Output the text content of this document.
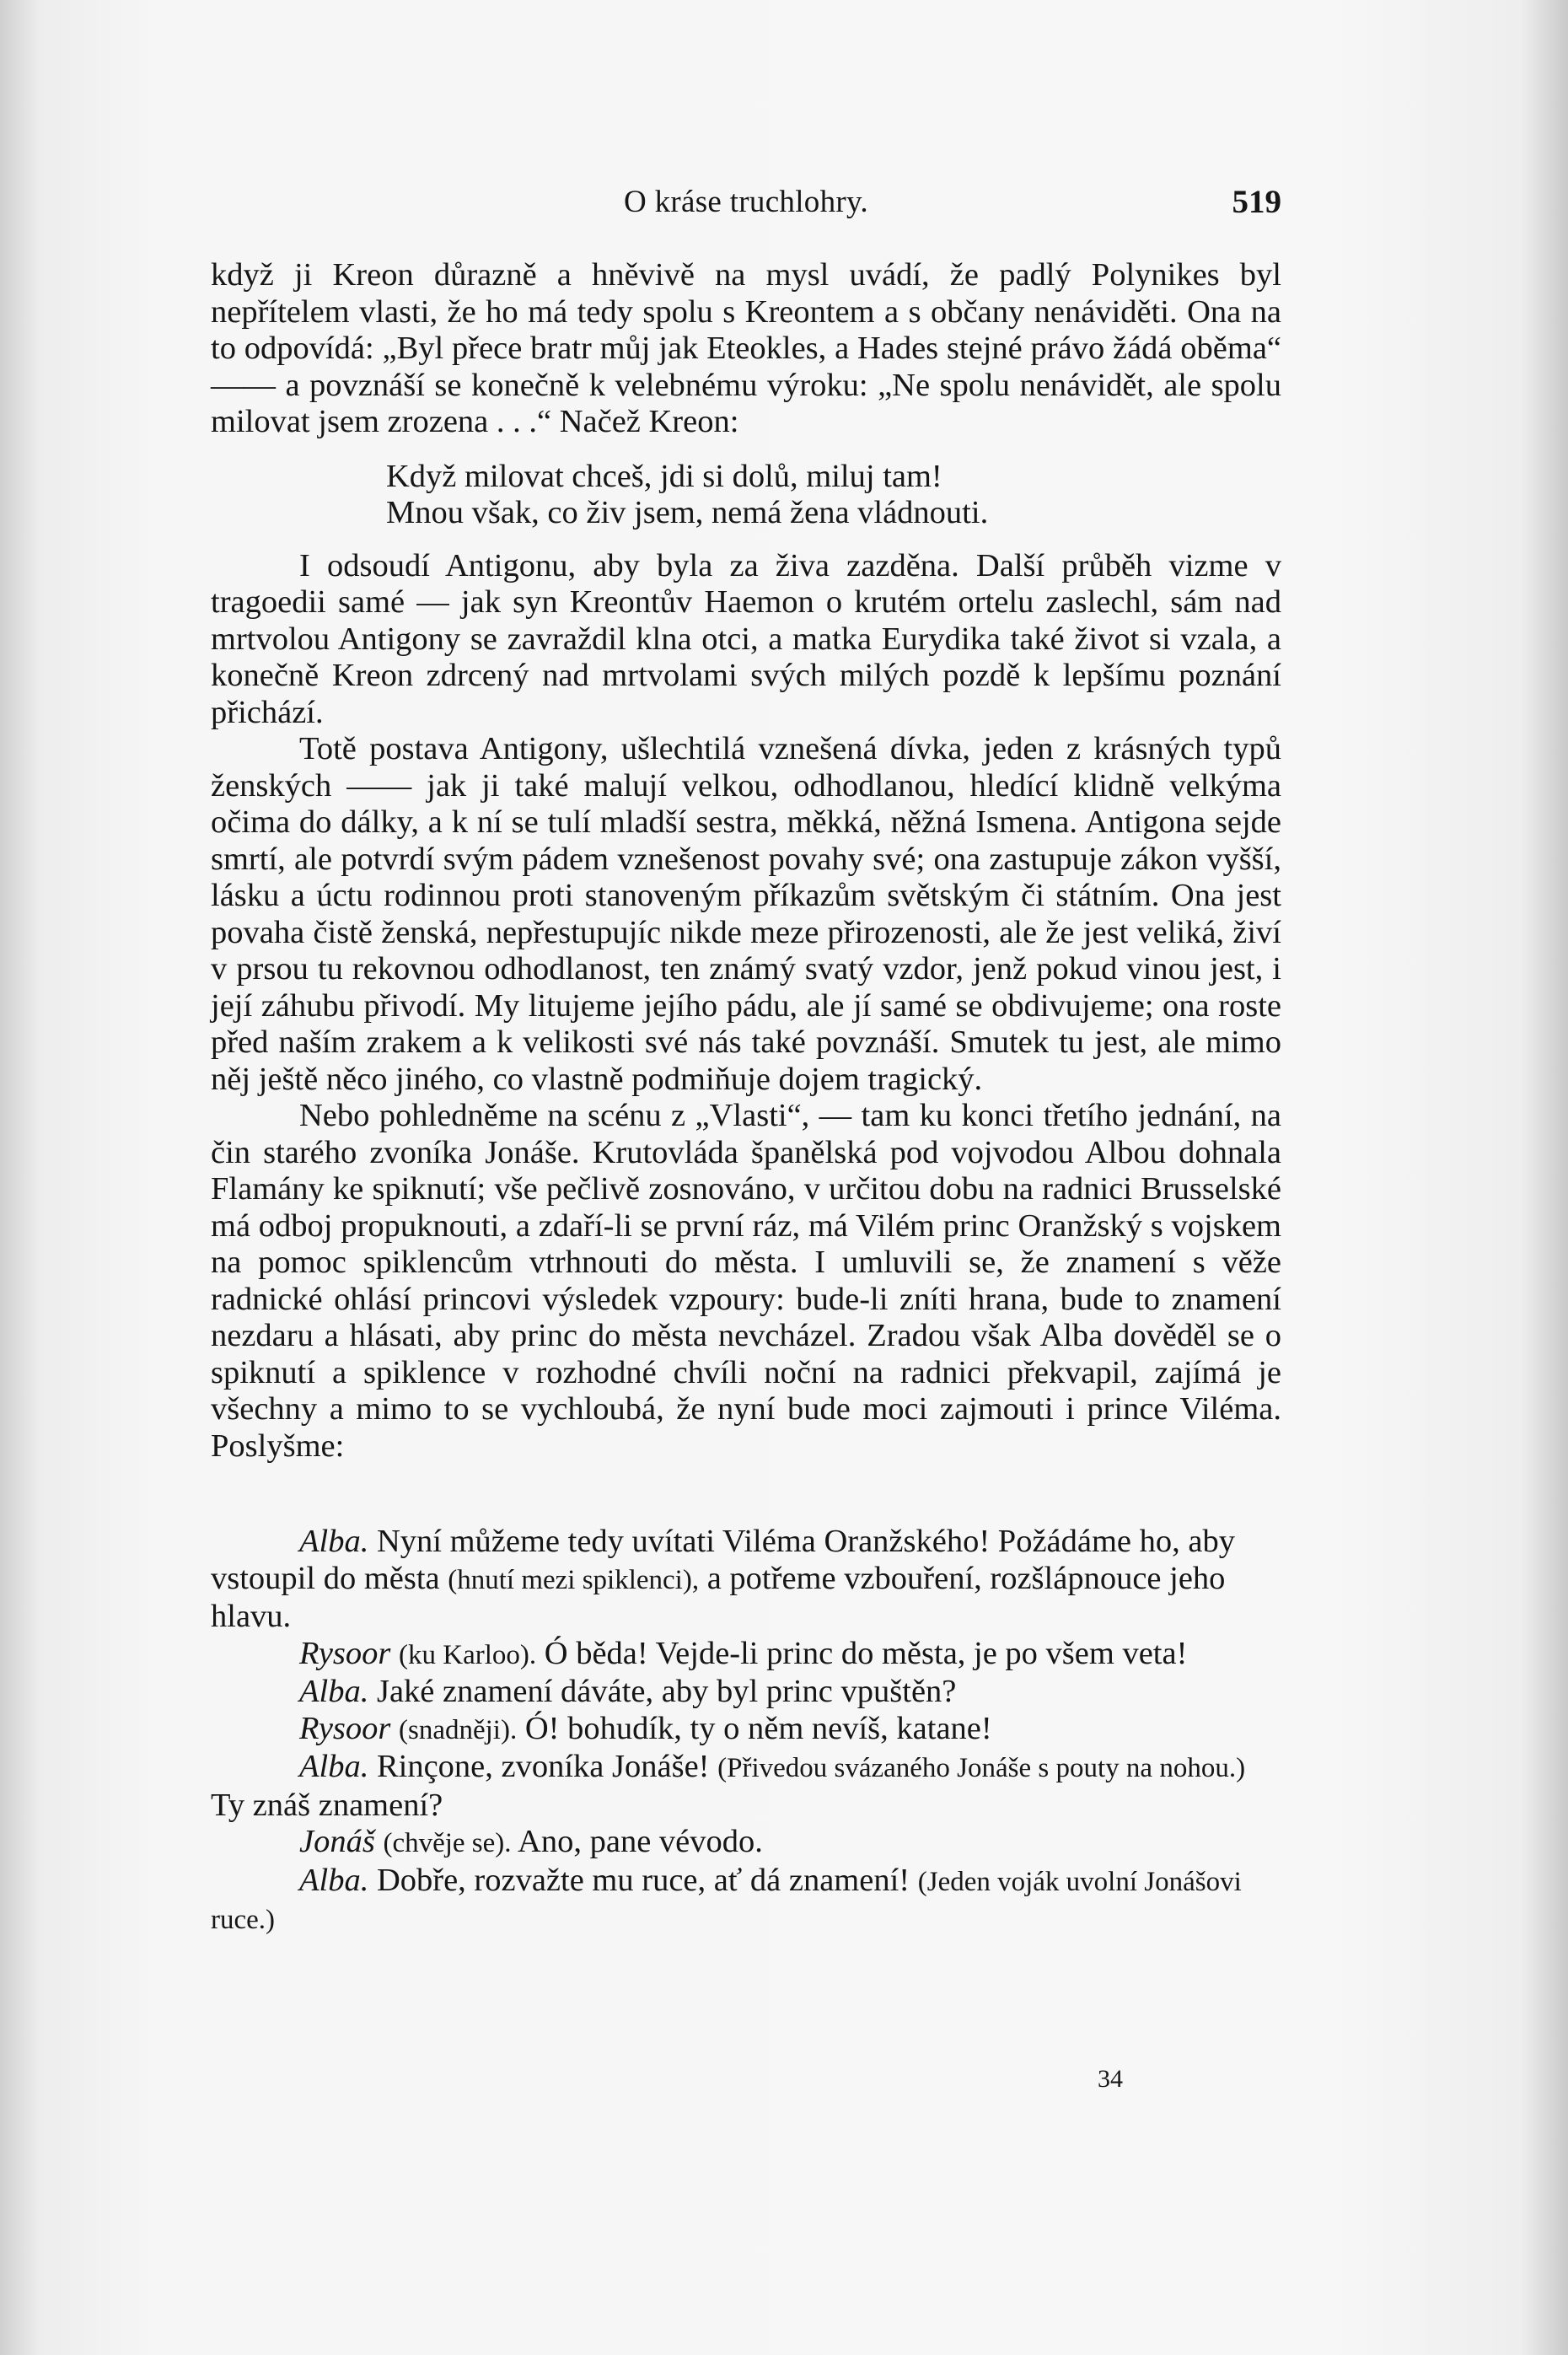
O kráse truchlohry.	519

když ji Kreon důrazně a hněvivě na mysl uvádí, že padlý Polynikes byl nepřítelem vlasti, že ho má tedy spolu s Kreontem a s občany nenáviděti. Ona na to odpovídá: „Byl přece bratr můj jak Eteokles, a Hades stejné právo žádá oběma“ —— a povznáší se konečně k velebnému výroku: „Ne spolu nenávidět, ale spolu milovat jsem zrozena . . .“ Načež Kreon:

Když milovat chceš, jdi si dolů, miluj tam!
Mnou však, co živ jsem, nemá žena vládnouti.

I odsoudí Antigonu, aby byla za živa zazděna. Další průběh vizme v tragoedii samé — jak syn Kreontův Haemon o krutém ortelu zaslechl, sám nad mrtvolou Antigony se zavraždil klna otci, a matka Eurydika také život si vzala, a konečně Kreon zdrcený nad mrtvolami svých milých pozdě k lepšímu poznání přichází.

Totě postava Antigony, ušlechtilá vznešená dívka, jeden z krásných typů ženských —— jak ji také malují velkou, odhodlanou, hledící klidně velkýma očima do dálky, a k ní se tulí mladší sestra, měkká, něžná Ismena. Antigona sejde smrtí, ale potvrdí svým pádem vznešenost povahy své; ona zastupuje zákon vyšší, lásku a úctu rodinnou proti stanoveným příkazům světským či státním. Ona jest povaha čistě ženská, nepřestupujíc nikde meze přirozenosti, ale že jest veliká, živí v prsou tu rekovnou odhodlanost, ten známý svatý vzdor, jenž pokud vinou jest, i její záhubu přivodí. My litujeme jejího pádu, ale jí samé se obdivujeme; ona roste před naším zrakem a k velikosti své nás také povznáší. Smutek tu jest, ale mimo něj ještě něco jiného, co vlastně podmiňuje dojem tragický.

Nebo pohledněme na scénu z „Vlasti“, — tam ku konci třetího jednání, na čin starého zvoníka Jonáše. Krutovláda španělská pod vojvodou Albou dohnala Flamány ke spiknutí; vše pečlivě zosnováno, v určitou dobu na radnici Brusselské má odboj propuknouti, a zdaří-li se první ráz, má Vilém princ Oranžský s vojskem na pomoc spiklencům vtrhnouti do města. I umluvili se, že znamení s věže radnické ohlásí princovi výsledek vzpoury: bude-li zníti hrana, bude to znamení nezdaru a hlásati, aby princ do města nevcházel. Zradou však Alba dověděl se o spiknutí a spiklence v rozhodné chvíli noční na radnici překvapil, zajímá je všechny a mimo to se vychloubá, že nyní bude moci zajmouti i prince Viléma. Poslyšme:

Alba. Nyní můžeme tedy uvítati Viléma Oranžského! Požádáme ho, aby vstoupil do města (hnutí mezi spiklenci), a potřeme vzbouření, rozšlápnouce jeho hlavu.

Rysoor (ku Karloo). Ó běda! Vejde-li princ do města, je po všem veta!

Alba. Jaké znamení dáváte, aby byl princ vpuštěn?

Rysoor (snadněji). Ó! bohudík, ty o něm nevíš, katane!

Alba. Rinçone, zvoníka Jonáše! (Přivedou svázaného Jonáše s pouty na nohou.) Ty znáš znamení?

Jonáš (chvěje se). Ano, pane vévodo.

Alba. Dobře, rozvažte mu ruce, ať dá znamení! (Jeden voják uvolní Jonášovi ruce.)

34
